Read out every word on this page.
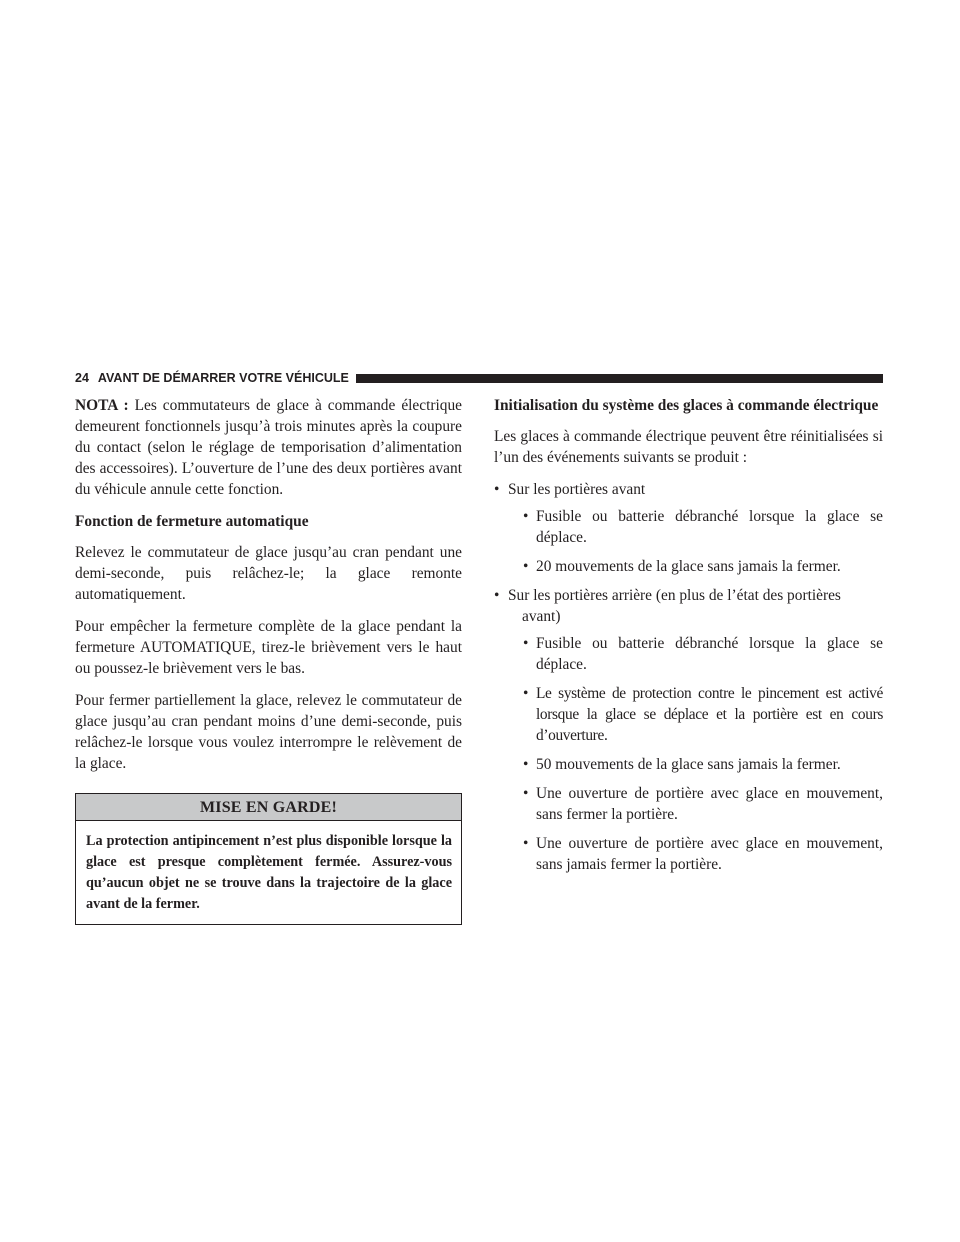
24 AVANT DE DÉMARRER VOTRE VÉHICULE

NOTA : Les commutateurs de glace à commande électrique demeurent fonctionnels jusqu’à trois minutes après la coupure du contact (selon le réglage de temporisation d’alimentation des accessoires). L’ouverture de l’une des deux portières avant du véhicule annule cette fonction.

Fonction de fermeture automatique

Relevez le commutateur de glace jusqu’au cran pendant une demi-seconde, puis relâchez-le; la glace remonte automatiquement.

Pour empêcher la fermeture complète de la glace pendant la fermeture AUTOMATIQUE, tirez-le brièvement vers le haut ou poussez-le brièvement vers le bas.

Pour fermer partiellement la glace, relevez le commutateur de glace jusqu’au cran pendant moins d’une demi-seconde, puis relâchez-le lorsque vous voulez interrompre le relèvement de la glace.

MISE EN GARDE!
La protection antipincement n’est plus disponible lorsque la glace est presque complètement fermée. Assurez-vous qu’aucun objet ne se trouve dans la trajectoire de la glace avant de la fermer.

Initialisation du système des glaces à commande électrique

Les glaces à commande électrique peuvent être réinitialisées si l’un des événements suivants se produit :

• Sur les portières avant
• Fusible ou batterie débranché lorsque la glace se déplace.
• 20 mouvements de la glace sans jamais la fermer.
• Sur les portières arrière (en plus de l’état des portières avant)
• Fusible ou batterie débranché lorsque la glace se déplace.
• Le système de protection contre le pincement est activé lorsque la glace se déplace et la portière est en cours d’ouverture.
• 50 mouvements de la glace sans jamais la fermer.
• Une ouverture de portière avec glace en mouvement, sans fermer la portière.
• Une ouverture de portière avec glace en mouvement, sans jamais fermer la portière.
